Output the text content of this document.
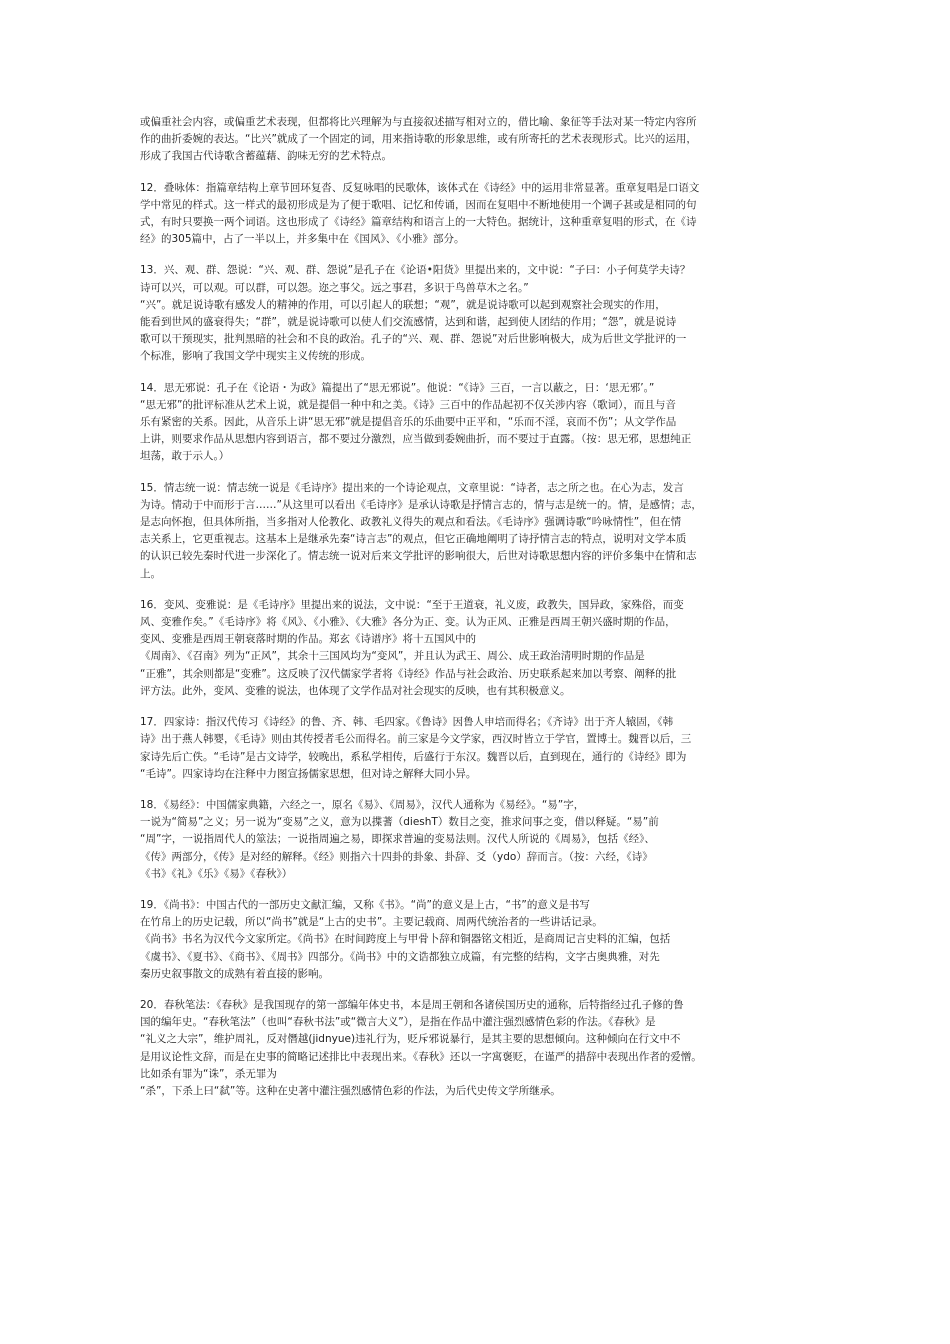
或偏重社会内容，或偏重艺术表现，但都将比兴理解为与直接叙述描写相对立的，借比喻、象征等手法对某一特定内容所
作的曲折委婉的表达。“比兴”就成了一个固定的词，用来指诗歌的形象思维，或有所寄托的艺术表现形式。比兴的运用，
形成了我国古代诗歌含蓄蕴藉、韵味无穷的艺术特点。
12．叠咏体：指篇章结构上章节回环复沓、反复咏唱的民歌体，该体式在《诗经》中的运用非常显著。重章复唱是口语文
学中常见的样式。这一样式的最初形成是为了便于歌唱、记忆和传诵，因而在复唱中不断地使用一个调子甚或是相同的句
式，有时只要换一两个词语。这也形成了《诗经》篇章结构和语言上的一大特色。据统计，这种重章复唱的形式，在《诗
经》的305篇中，占了一半以上，并多集中在《国风》、《小雅》部分。
13．兴、观、群、怨说：“兴、观、群、怨说”是孔子在《论语•阳货》里提出来的，文中说：“子曰：小子何莫学夫诗？
诗可以兴，可以观。可以群，可以怨。迩之事父。远之事君，多识于鸟兽草木之名。”
“兴”。就足说诗歌有感发人的精神的作用，可以引起人的联想；“观”，就是说诗歌可以起到观察社会现实的作用，
能看到世风的盛衰得失；“群”，就是说诗歌可以使人们交流感情，达到和谐，起到使人团结的作用；“怨”，就是说诗
歌可以干预现实，批判黑暗的社会和不良的政治。孔子的“兴、观、群、怨说”对后世影响极大，成为后世文学批评的一
个标准，影响了我国文学中现实主义传统的形成。
14．思无邪说：孔子在《论语・为政》篇提出了“思无邪说”。他说：“《诗》三百，一言以蔽之，日：‘思无邪’。”
“思无邪”的批评标准从艺术上说，就是提倡一种中和之美。《诗》三百中的作品起初不仅关涉内容（歌词），而且与音
乐有紧密的关系。因此，从音乐上讲“思无邪”就是提倡音乐的乐曲要中正平和，“乐而不淫，哀而不伤”；从文学作品
上讲，则要求作品从思想内容到语言，都不要过分激烈，应当做到委婉曲折，而不要过于直露。（按：思无邪，思想纯正
坦荡，敢于示人。）
15．情志统一说：情志统一说是《毛诗序》提出来的一个诗论观点，文章里说：“诗者，志之所之也。在心为志，发言
为诗。情动于中而形于言……”从这里可以看出《毛诗序》是承认诗歌是抒情言志的，情与志是统一的。情，是感情；志，
是志向怀抱，但具体所指，当多指对人伦教化、政教礼义得失的观点和看法。《毛诗序》强调诗歌“吟咏情性”，但在情
志关系上，它更重视志。这基本上是继承先秦“诗言志”的观点，但它正确地阐明了诗抒情言志的特点，说明对文学本质
的认识已较先秦时代进一步深化了。情志统一说对后来文学批评的影响很大，后世对诗歌思想内容的评价多集中在情和志
上。
16．变风、变雅说：是《毛诗序》里提出来的说法，文中说：“至于王道衰，礼义废，政教失，国异政，家殊俗，而变
风、变雅作矣。”《毛诗序》将《风》、《小雅》、《大雅》各分为正、变。认为正风、正雅是西周王朝兴盛时期的作品，
变风、变雅是西周王朝衰落时期的作品。郑玄《诗谱序》将十五国风中的
《周南》、《召南》列为“正风”，其余十三国风均为“变风”，并且认为武王、周公、成王政治清明时期的作品是
“正雅”，其余则都是“变雅”。这反映了汉代儒家学者将《诗经》作品与社会政治、历史联系起来加以考察、阐释的批
评方法。此外，变风、变雅的说法，也体现了文学作品对社会现实的反映，也有其积极意义。
17．四家诗：指汉代传习《诗经》的鲁、齐、韩、毛四家。《鲁诗》因鲁人申培而得名；《齐诗》出于齐人辕固，《韩
诗》出于燕人韩婴，《毛诗》则由其传授者毛公而得名。前三家是今文学家，西汉时皆立于学官，置博士。魏晋以后，三
家诗先后亡佚。“毛诗”是古文诗学，较晚出，系私学相传，后盛行于东汉。魏晋以后，直到现在，通行的《诗经》即为
“毛诗”。四家诗均在注释中力图宣扬儒家思想，但对诗之解释大同小异。
18．《易经》：中国儒家典籍，六经之一，原名《易》、《周易》，汉代人通称为《易经》。“易”字，
一说为“简易”之义；另一说为“变易”之义，意为以揲蓍（dieshT）数目之变，推求问事之变，借以释疑。“易”前
“周”字，一说指周代人的筮法；一说指周遍之易，即探求普遍的变易法则。汉代人所说的《周易》，包括《经》、
《传》两部分，《传》是对经的解释。《经》则指六十四卦的卦象、卦辞、爻（ydo）辞而言。（按：六经，《诗》
《书》《礼》《乐》《易》《春秋》）
19．《尚书》：中国古代的一部历史文献汇编，又称《书》。“尚”的意义是上古，“书”的意义是书写
在竹帛上的历史记载，所以“尚书”就是“上古的史书”。主要记载商、周两代统治者的一些讲话记录。
《尚书》书名为汉代今文家所定。《尚书》在时间跨度上与甲骨卜辞和铜器铭文相近，是商周记言史料的汇编，包括
《虞书》、《夏书》、《商书》、《周书》四部分。《尚书》中的文诰都独立成篇，有完整的结构，文字古奥典雅，对先
秦历史叙事散文的成熟有着直接的影响。
20．春秋笔法：《春秋》是我国现存的第一部编年体史书，本是周王朝和各诸侯国历史的通称，后特指经过孔子修的鲁
国的编年史。“春秋笔法”（也叫“春秋书法”或“微言大义”），是指在作品中灌注强烈感情色彩的作法。《春秋》是
“礼义之大宗”，维护周礼，反对僭越(jidnyue)违礼行为，贬斥邪说暴行，是其主要的思想倾向。这种倾向在行文中不
是用议论性文辞，而是在史事的简略记述排比中表现出来。《春秋》还以一字寓褒贬，在谨严的措辞中表现出作者的爱憎。
比如杀有罪为“诛”，杀无罪为
“杀”，下杀上曰“弑”等。这种在史著中灌注强烈感情色彩的作法，为后代史传文学所继承。
